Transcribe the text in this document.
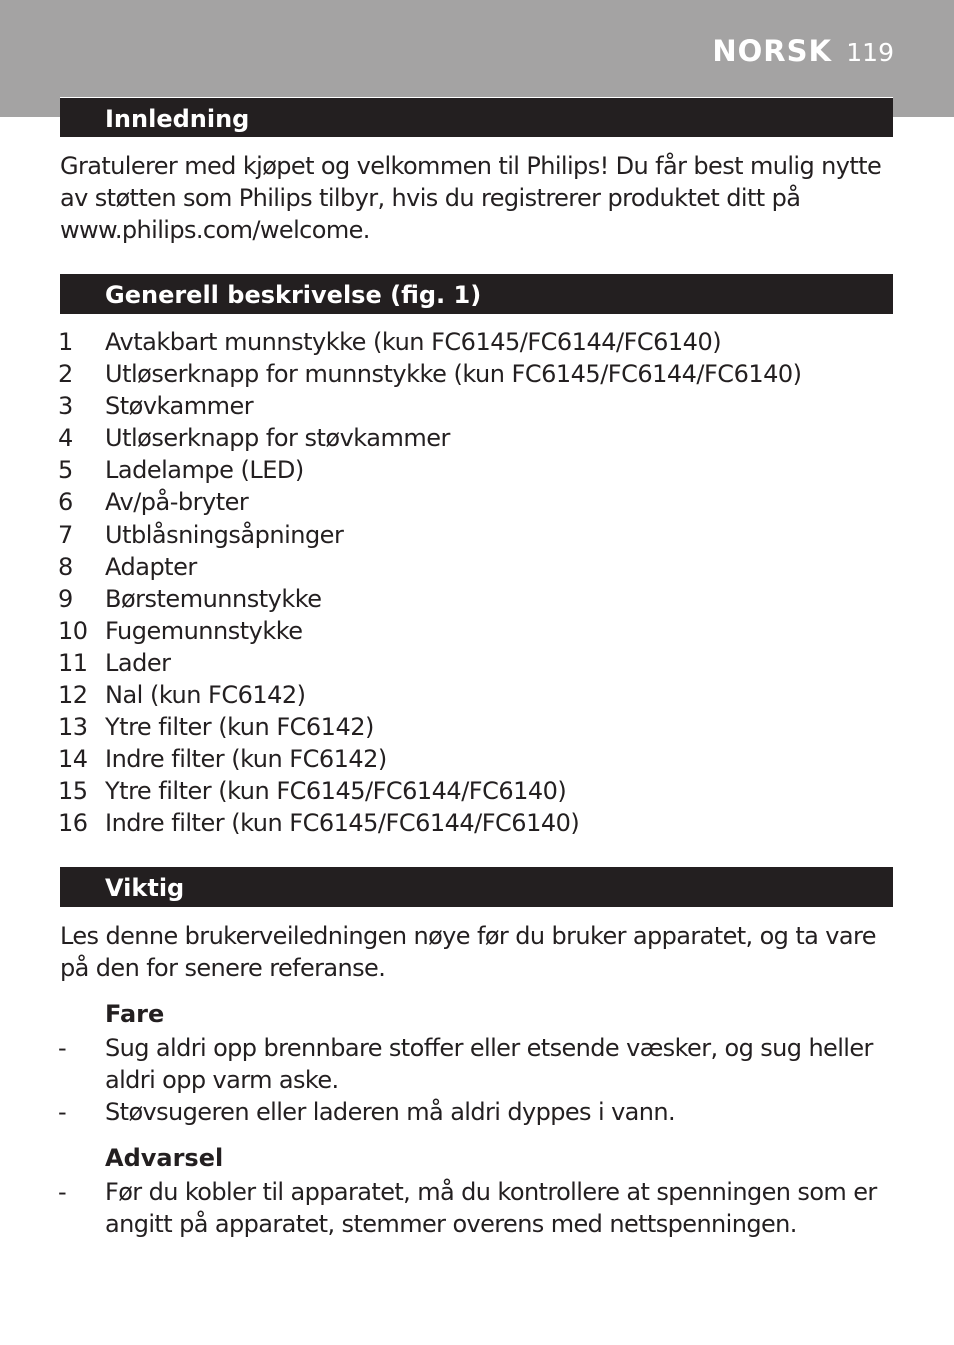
NORSK 119
Innledning
Gratulerer med kjøpet og velkommen til Philips! Du får best mulig nytte av støtten som Philips tilbyr, hvis du registrerer produktet ditt på www.philips.com/welcome.
Generell beskrivelse (fig. 1)
1	Avtakbart munnstykke (kun FC6145/FC6144/FC6140)
2	Utløserknapp for munnstykke (kun FC6145/FC6144/FC6140)
3	Støvkammer
4	Utløserknapp for støvkammer
5	Ladelampe (LED)
6	Av/på-bryter
7	Utblåsningsåpninger
8	Adapter
9	Børstemunnstykke
10 Fugemunnstykke
11 Lader
12 Nal (kun FC6142)
13 Ytre filter (kun FC6142)
14 Indre filter (kun FC6142)
15 Ytre filter (kun FC6145/FC6144/FC6140)
16 Indre filter (kun FC6145/FC6144/FC6140)
Viktig
Les denne brukerveiledningen nøye før du bruker apparatet, og ta vare på den for senere referanse.
Fare
- Sug aldri opp brennbare stoffer eller etsende væsker, og sug heller aldri opp varm aske.
- Støvsugeren eller laderen må aldri dyppes i vann.
Advarsel
- Før du kobler til apparatet, må du kontrollere at spenningen som er angitt på apparatet, stemmer overens med nettspenningen.
